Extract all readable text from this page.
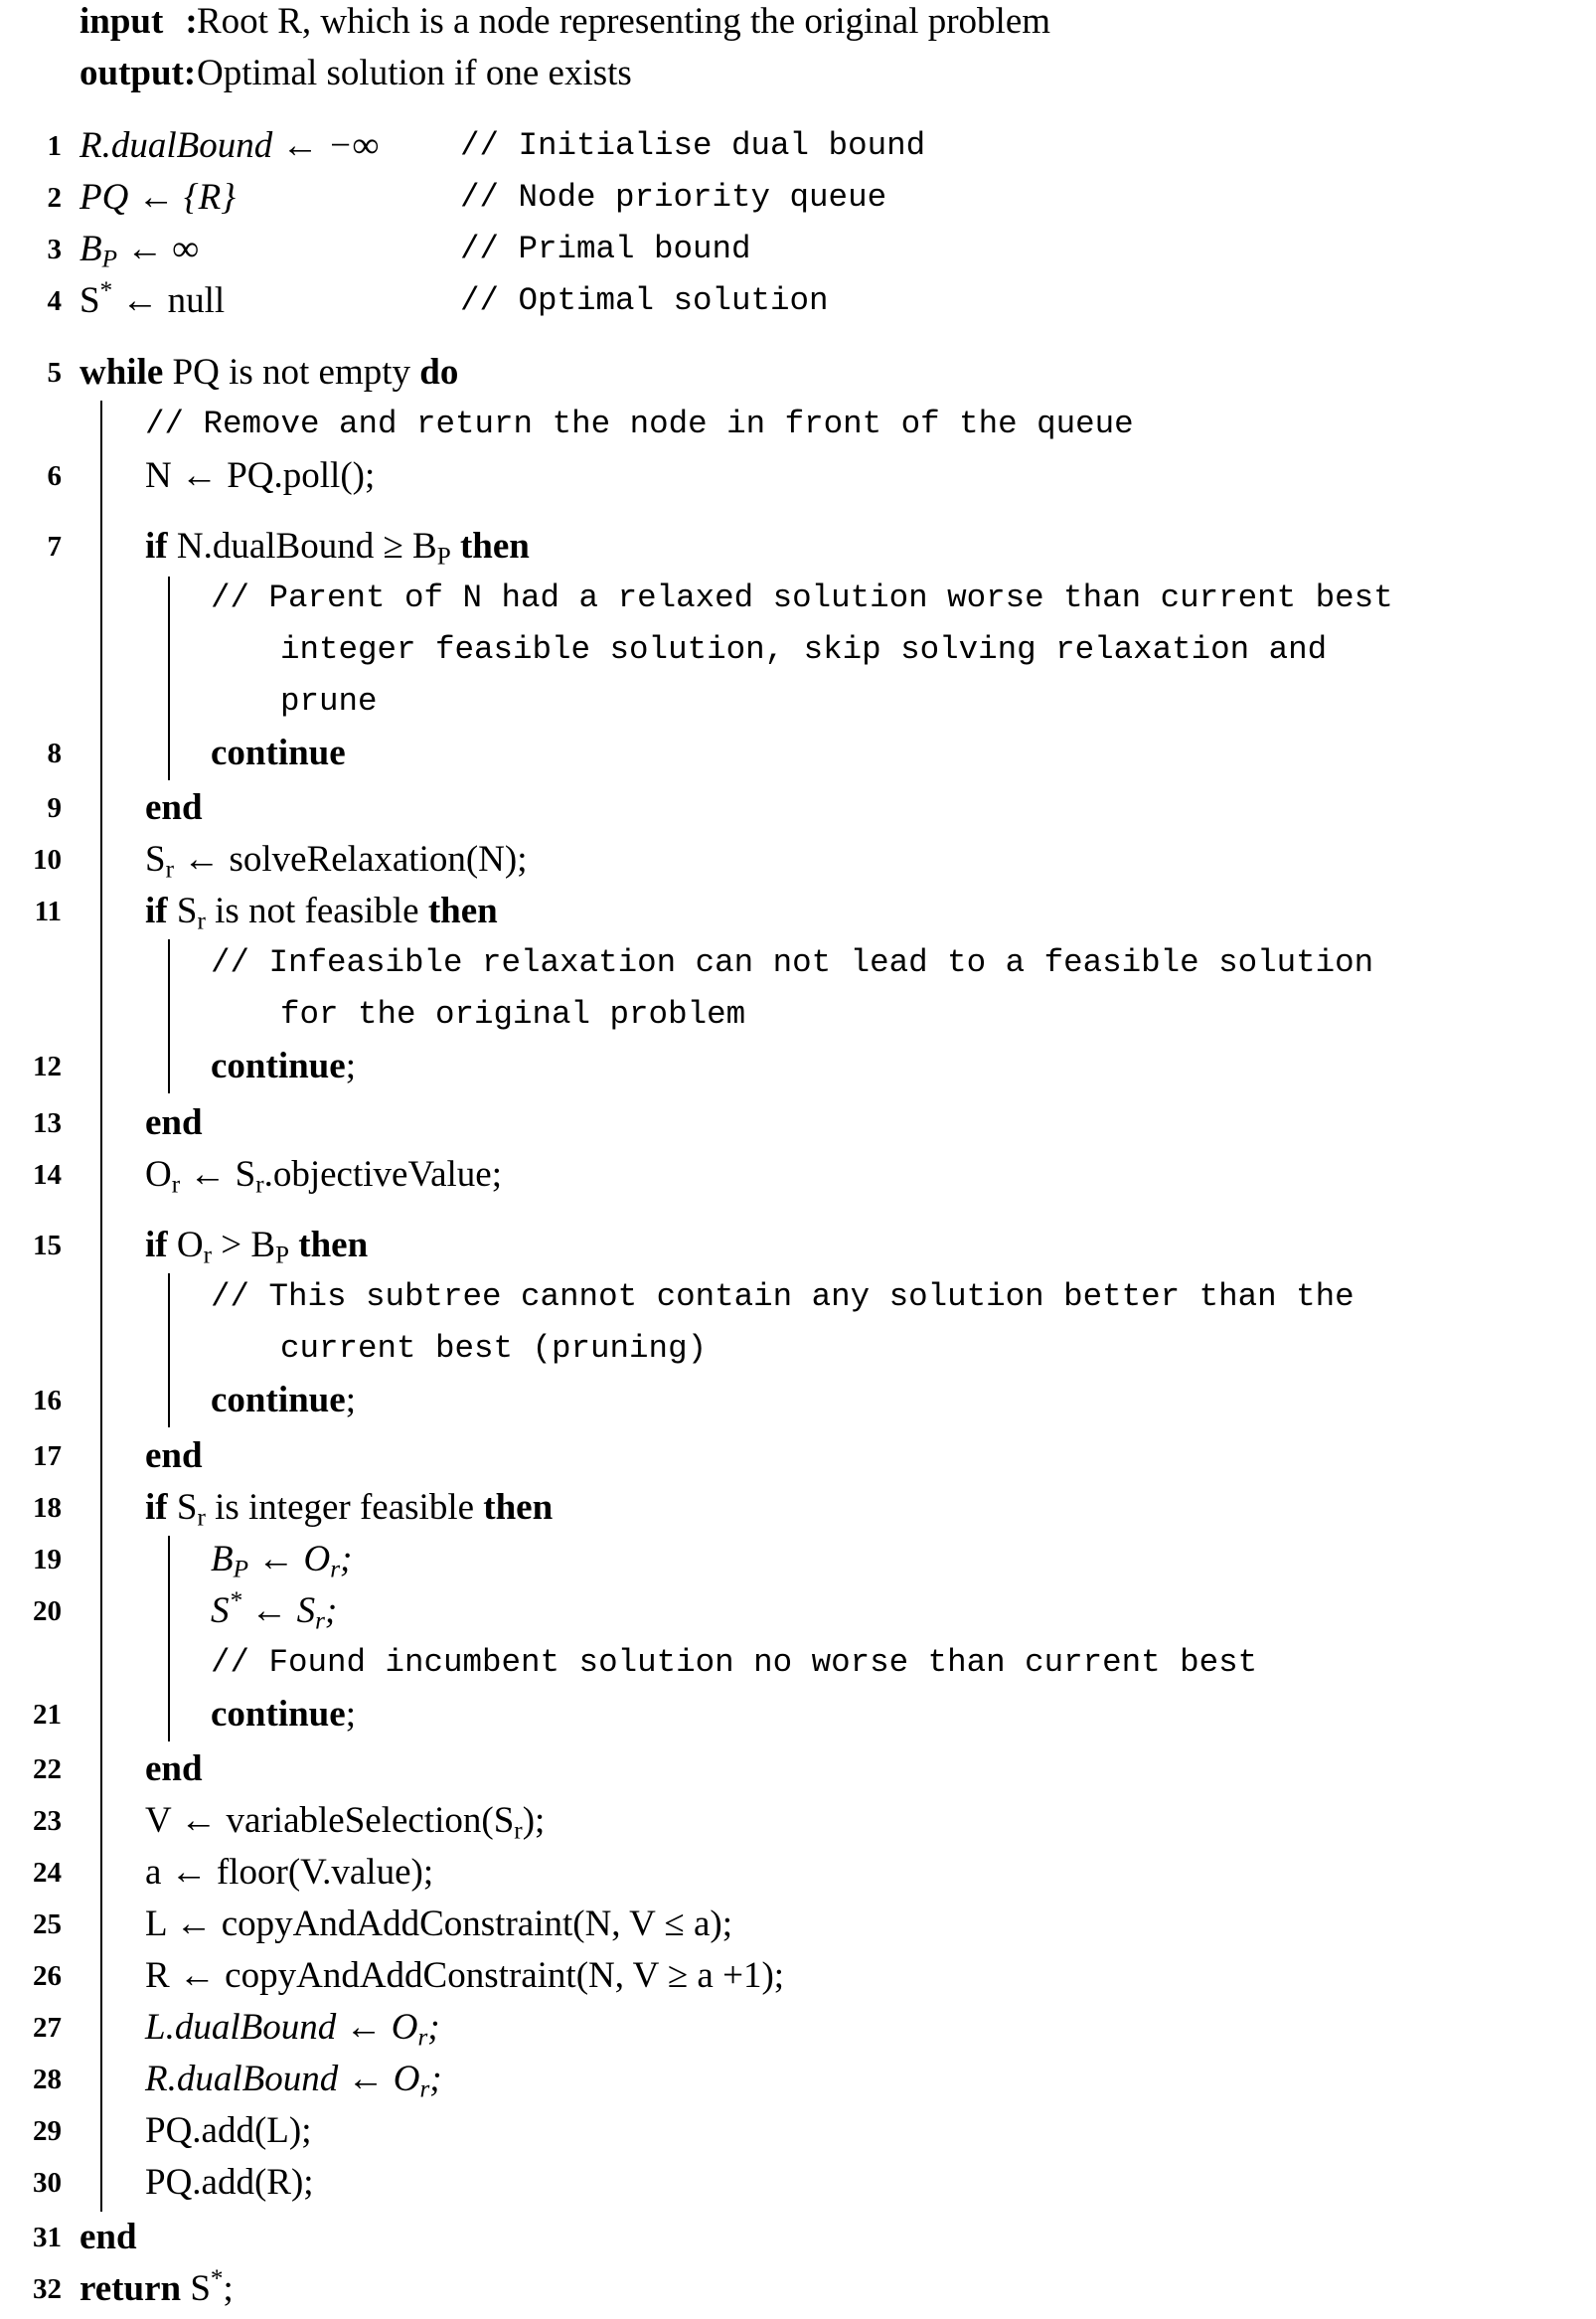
input :Root R, which is a node representing the original problem
output:Optimal solution if one exists
1 R.dualBound ← −∞	// Initialise dual bound
2 PQ ← {R}	// Node priority queue
3 $B_P$ ← ∞	// Primal bound
4 S* ← null	// Optimal solution
5 while PQ is not empty do
// Remove and return the node in front of the queue
6 N ← PQ.poll();
7 if N.dualBound ≥ $B_P$ then
// Parent of N had a relaxed solution worse than current best
integer feasible solution, skip solving relaxation and
prune
8	continue
9 end
10 $S_r$ ← solveRelaxation(N);
11 if $S_r$ is not feasible then
// Infeasible relaxation can not lead to a feasible solution
for the original problem
12	continue;
13 end
14 $O_r$ ← $S_r.objectiveValue$;
15 if $O_r > B_P$ then
// This subtree cannot contain any solution better than the
current best (pruning)
16	continue;
17 end
18 if $S_r$ is integer feasible then
19	$B_P$ ← $O_r$;
20	S* ← $S_r$;
// Found incumbent solution no worse than current best
21	continue;
22 end
23 V ← $variableSelection(S_r)$;
24 a ← floor(V.value);
25 L ← copyAndAddConstraint(N, V ≤ a);
26 R ← copyAndAddConstraint(N, V ≥ a +1);
27 L.dualBound ← $O_r$;
28 R.dualBound ← $O_r$;
29 PQ.add(L);
30 PQ.add(R);
31 end
32 return S*;
